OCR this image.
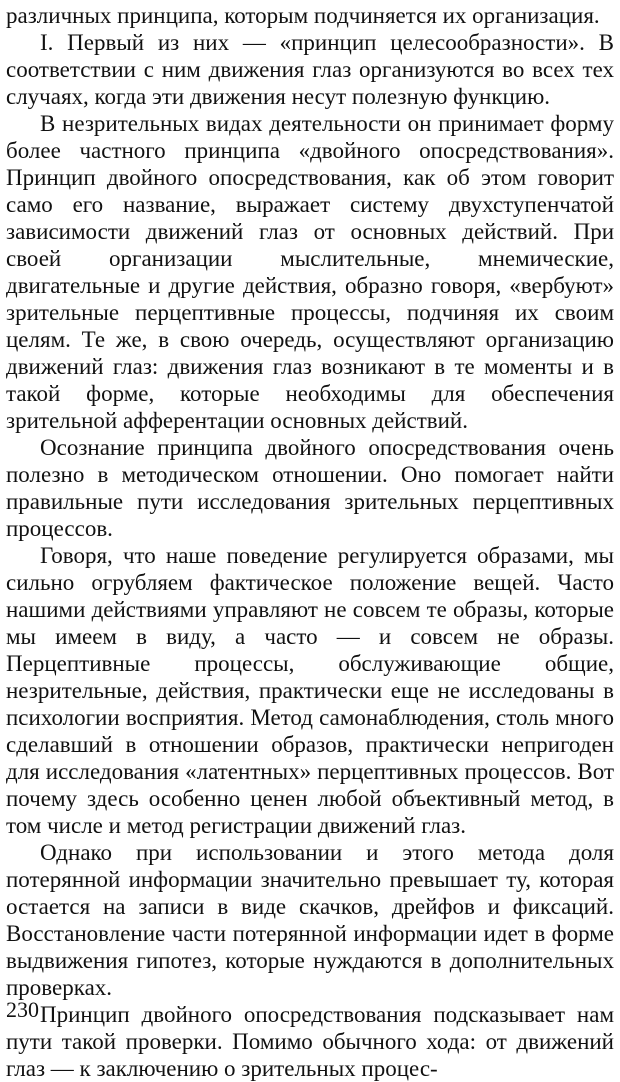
различных принципа, которым подчиняется их организация.

I. Первый из них — «принцип целесообразности». В соответствии с ним движения глаз организуются во всех тех случаях, когда эти движения несут полезную функцию.

В незрительных видах деятельности он принимает форму более частного принципа «двойного опосредствования». Принцип двойного опосредствования, как об этом говорит само его название, выражает систему двухступенчатой зависимости движений глаз от основных действий. При своей организации мыслительные, мнемические, двигательные и другие действия, образно говоря, «вербуют» зрительные перцептивные процессы, подчиняя их своим целям. Те же, в свою очередь, осуществляют организацию движений глаз: движения глаз возникают в те моменты и в такой форме, которые необходимы для обеспечения зрительной афферентации основных действий.

Осознание принципа двойного опосредствования очень полезно в методическом отношении. Оно помогает найти правильные пути исследования зрительных перцептивных процессов.

Говоря, что наше поведение регулируется образами, мы сильно огрубляем фактическое положение вещей. Часто нашими действиями управляют не совсем те образы, которые мы имеем в виду, а часто — и совсем не образы. Перцептивные процессы, обслуживающие общие, незрительные, действия, практически еще не исследованы в психологии восприятия. Метод самонаблюдения, столь много сделавший в отношении образов, практически непригоден для исследования «латентных» перцептивных процессов. Вот почему здесь особенно ценен любой объективный метод, в том числе и метод регистрации движений глаз.

Однако при использовании и этого метода доля потерянной информации значительно превышает ту, которая остается на записи в виде скачков, дрейфов и фиксаций. Восстановление части потерянной информации идет в форме выдвижения гипотез, которые нуждаются в дополнительных проверках.

Принцип двойного опосредствования подсказывает нам пути такой проверки. Помимо обычного хода: от движений глаз — к заключению о зрительных процес-

230
